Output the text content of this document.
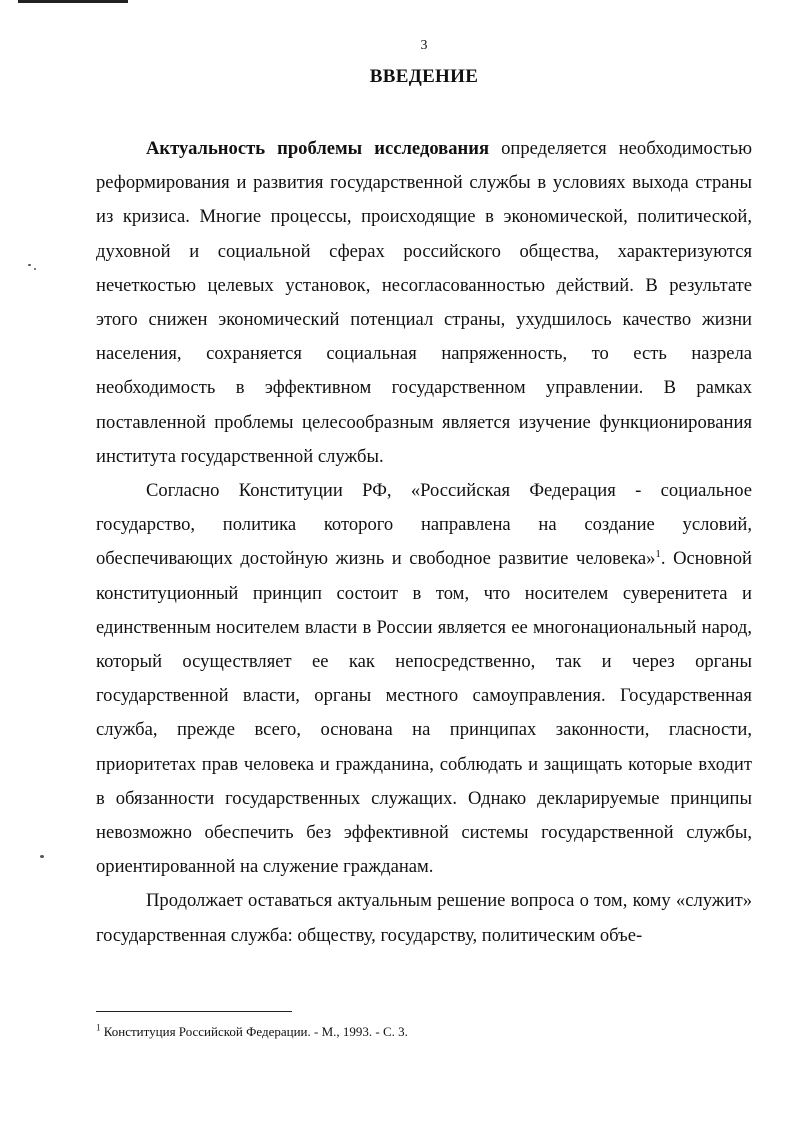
3
ВВЕДЕНИЕ

Актуальность проблемы исследования определяется необходимостью реформирования и развития государственной службы в условиях выхода страны из кризиса. Многие процессы, происходящие в экономической, политической, духовной и социальной сферах российского общества, характеризуются нечеткостью целевых установок, несогласованностью действий. В результате этого снижен экономический потенциал страны, ухудшилось качество жизни населения, сохраняется социальная напряженность, то есть назрела необходимость в эффективном государственном управлении. В рамках поставленной проблемы целесообразным является изучение функционирования института государственной службы.

Согласно Конституции РФ, «Российская Федерация - социальное государство, политика которого направлена на создание условий, обеспечивающих достойную жизнь и свободное развитие человека»$^1$. Основной конституционный принцип состоит в том, что носителем суверенитета и единственным носителем власти в России является ее многонациональный народ, который осуществляет ее как непосредственно, так и через органы государственной власти, органы местного самоуправления. Государственная служба, прежде всего, основана на принципах законности, гласности, приоритетах прав человека и гражданина, соблюдать и защищать которые входит в обязанности государственных служащих. Однако декларируемые принципы невозможно обеспечить без эффективной системы государственной службы, ориентированной на служение гражданам.

Продолжает оставаться актуальным решение вопроса о том, кому «служит» государственная служба: обществу, государству, политическим объе-

$^1$ Конституция Российской Федерации. - М., 1993. - С. 3.
